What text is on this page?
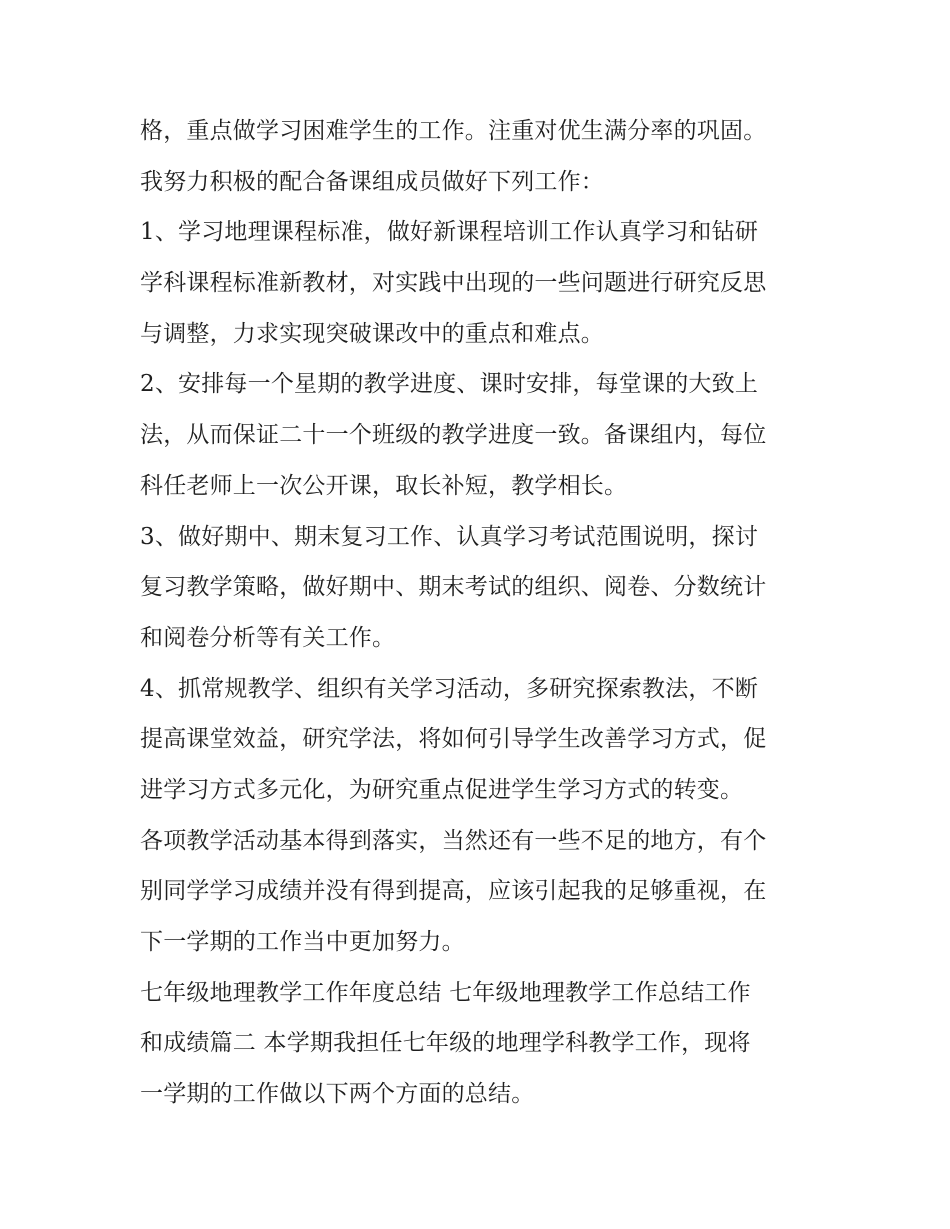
格，重点做学习困难学生的工作。注重对优生满分率的巩固。
我努力积极的配合备课组成员做好下列工作：
1、学习地理课程标准，做好新课程培训工作认真学习和钻研
学科课程标准新教材，对实践中出现的一些问题进行研究反思
与调整，力求实现突破课改中的重点和难点。
2、安排每一个星期的教学进度、课时安排，每堂课的大致上
法，从而保证二十一个班级的教学进度一致。备课组内，每位
科任老师上一次公开课，取长补短，教学相长。
3、做好期中、期末复习工作、认真学习考试范围说明，探讨
复习教学策略，做好期中、期末考试的组织、阅卷、分数统计
和阅卷分析等有关工作。
4、抓常规教学、组织有关学习活动，多研究探索教法，不断
提高课堂效益，研究学法，将如何引导学生改善学习方式，促
进学习方式多元化，为研究重点促进学生学习方式的转变。
各项教学活动基本得到落实，当然还有一些不足的地方，有个
别同学学习成绩并没有得到提高，应该引起我的足够重视，在
下一学期的工作当中更加努力。
七年级地理教学工作年度总结 七年级地理教学工作总结工作
和成绩篇二 本学期我担任七年级的地理学科教学工作，现将
一学期的工作做以下两个方面的总结。
